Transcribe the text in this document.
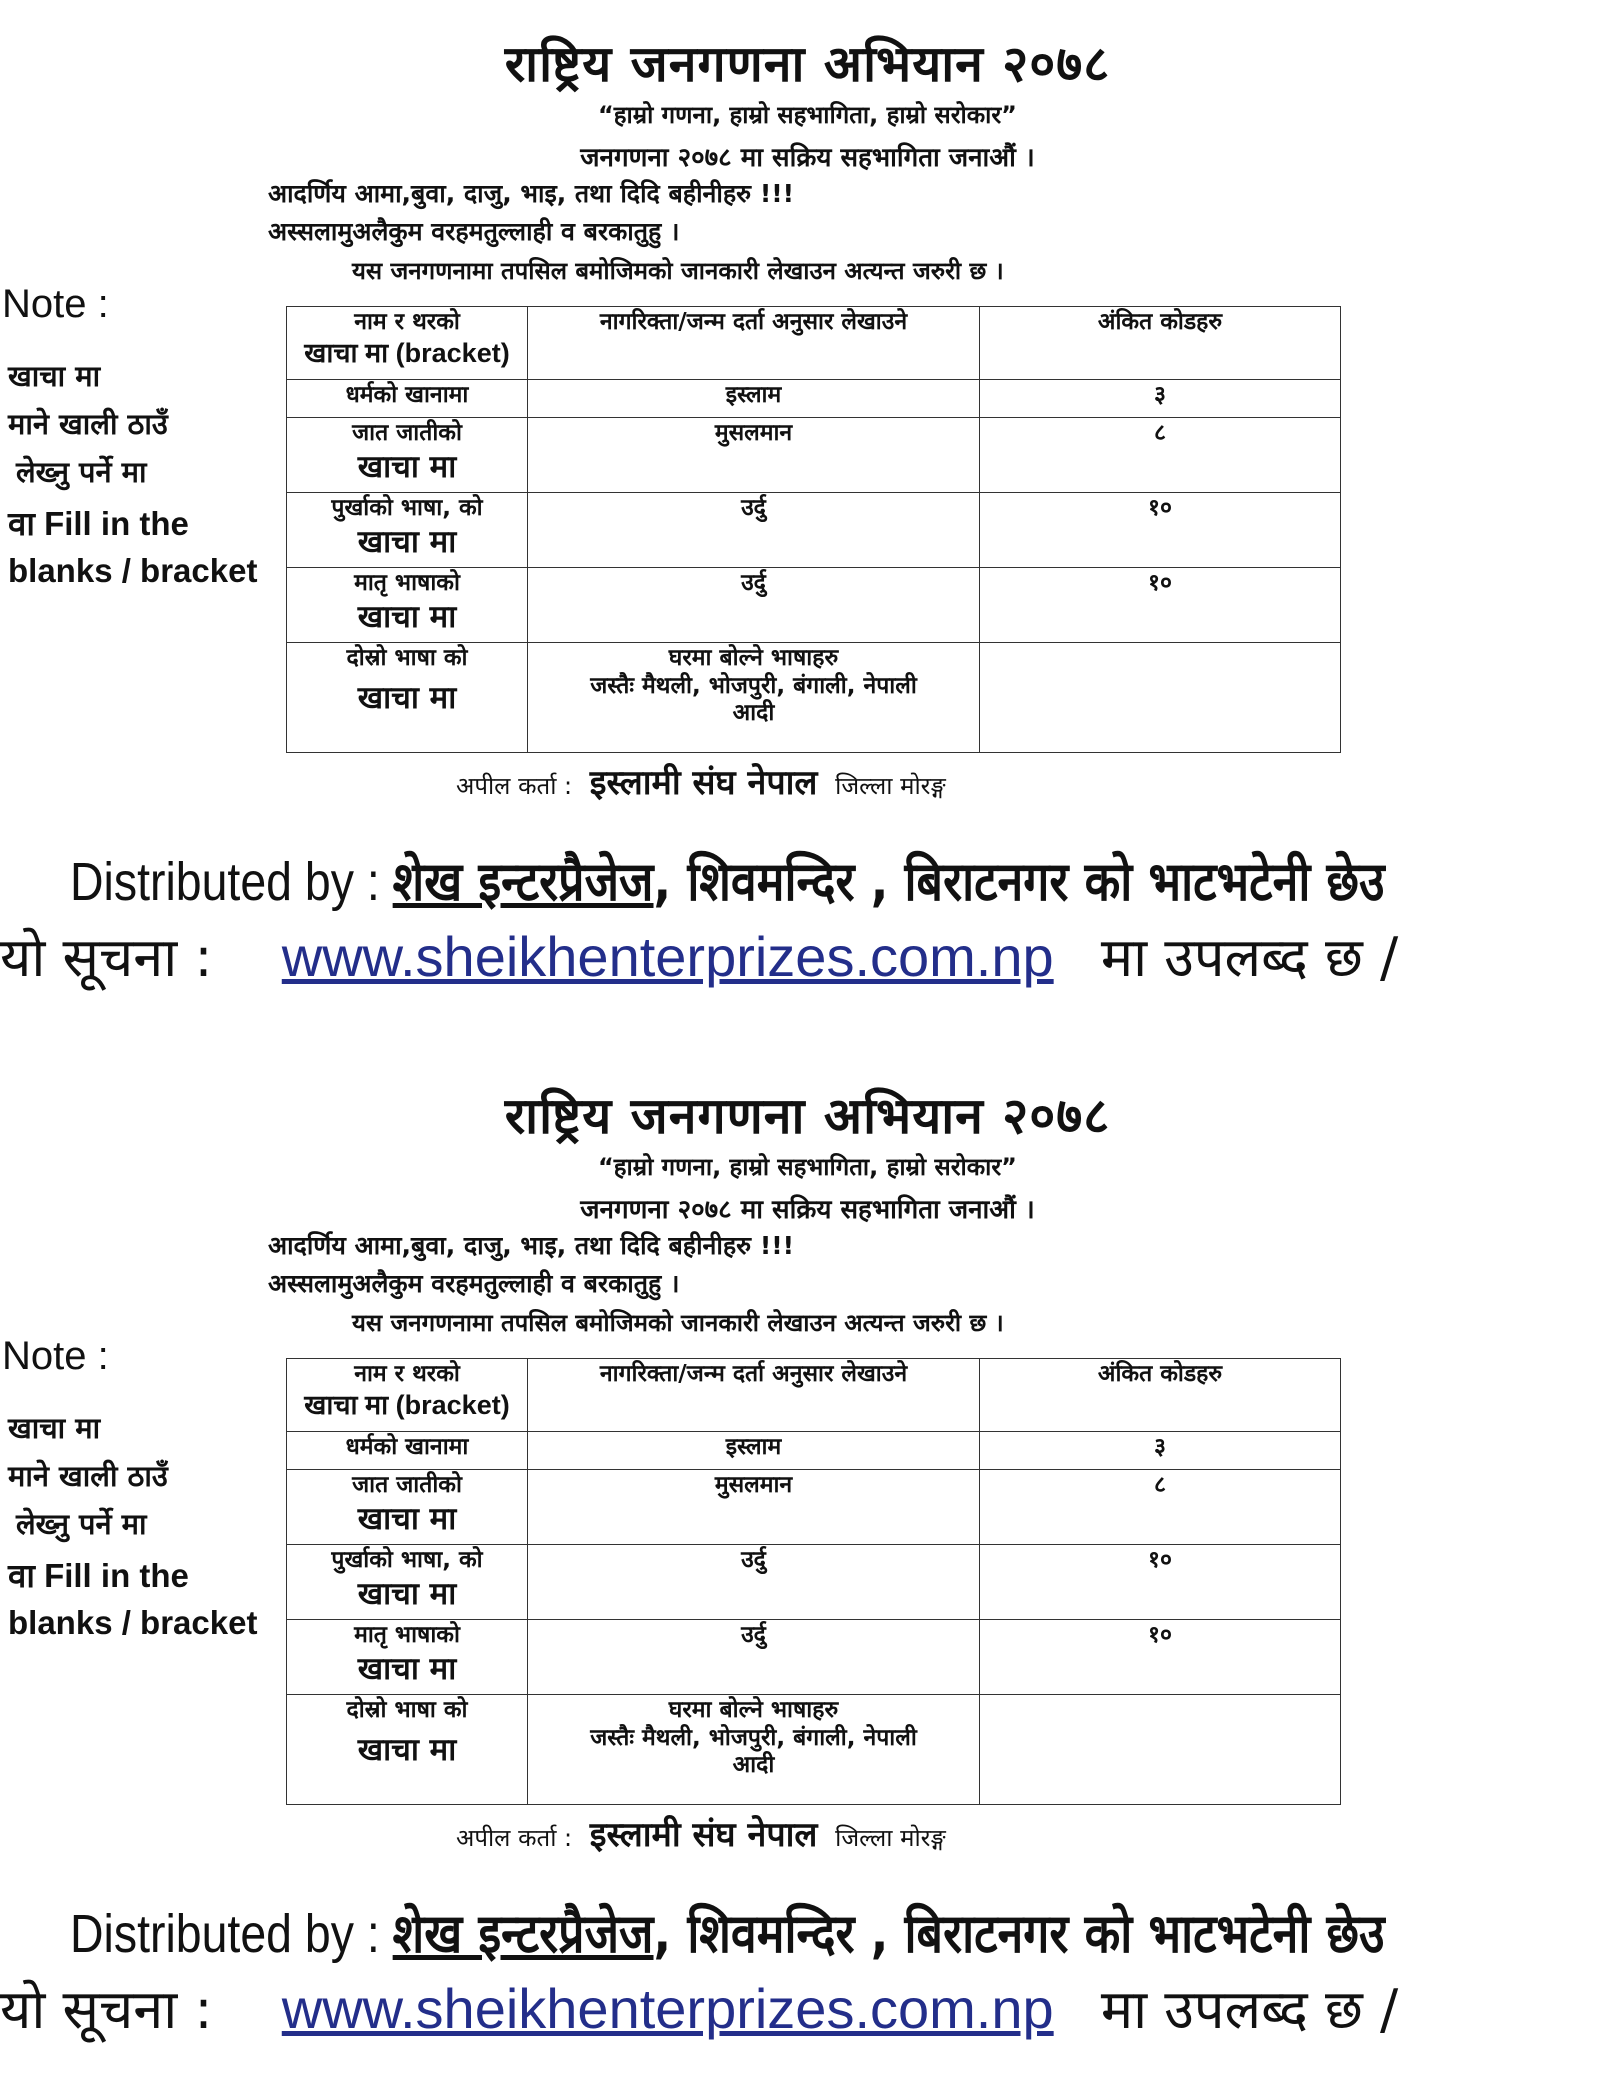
राष्ट्रिय जनगणना अभियान २०७८
“हाम्रो गणना, हाम्रो सहभागिता, हाम्रो सरोकार”
जनगणना २०७८ मा सक्रिय सहभागिता जनाऔं ।
आदर्णिय आमा,बुवा, दाजु, भाइ, तथा दिदि बहीनीहरु !!!
अस्सलामुअलैकुम वरहमतुल्लाही व बरकातुहु ।
यस जनगणनामा तपसिल बमोजिमको जानकारी लेखाउन अत्यन्त जरुरी छ ।
Note :
खाचा मा
माने खाली ठाउँ
लेख्नु पर्ने मा
वा Fill in the
blanks / bracket
नाम र थरको
खाचा मा (bracket)	नागरिक्ता/जन्म दर्ता अनुसार लेखाउने	अंकित कोडहरु
धर्मको खानामा	इस्लाम	३

जात जातीको
खाचा मा	मुसलमान	८

पुर्खाको भाषा, को
खाचा मा	उर्दु	१०

मातृ भाषाको
खाचा मा	उर्दु	१०

दोस्रो भाषा को
खाचा मा	घरमा बोल्ने भाषाहरु
जस्तैः मैथली, भोजपुरी, बंगाली, नेपाली
आदी	

अपील कर्ता : इस्लामी संघ नेपाल जिल्ला मोरङ्ग
Distributed by : शेख इन्टरप्रैजेज, शिवमन्दिर , बिराटनगर को भाटभटेनी छेउ
यो सूचना : www.sheikhenterprizes.com.np मा उपलब्द छ /
राष्ट्रिय जनगणना अभियान २०७८
“हाम्रो गणना, हाम्रो सहभागिता, हाम्रो सरोकार”
जनगणना २०७८ मा सक्रिय सहभागिता जनाऔं ।
आदर्णिय आमा,बुवा, दाजु, भाइ, तथा दिदि बहीनीहरु !!!
अस्सलामुअलैकुम वरहमतुल्लाही व बरकातुहु ।
यस जनगणनामा तपसिल बमोजिमको जानकारी लेखाउन अत्यन्त जरुरी छ ।
Note :
खाचा मा
माने खाली ठाउँ
लेख्नु पर्ने मा
वा Fill in the
blanks / bracket
नाम र थरको
खाचा मा (bracket)	नागरिक्ता/जन्म दर्ता अनुसार लेखाउने	अंकित कोडहरु
धर्मको खानामा	इस्लाम	३

जात जातीको
खाचा मा	मुसलमान	८

पुर्खाको भाषा, को
खाचा मा	उर्दु	१०

मातृ भाषाको
खाचा मा	उर्दु	१०

दोस्रो भाषा को
खाचा मा	घरमा बोल्ने भाषाहरु
जस्तैः मैथली, भोजपुरी, बंगाली, नेपाली
आदी	

अपील कर्ता : इस्लामी संघ नेपाल जिल्ला मोरङ्ग
Distributed by : शेख इन्टरप्रैजेज, शिवमन्दिर , बिराटनगर को भाटभटेनी छेउ
यो सूचना : www.sheikhenterprizes.com.np मा उपलब्द छ /
